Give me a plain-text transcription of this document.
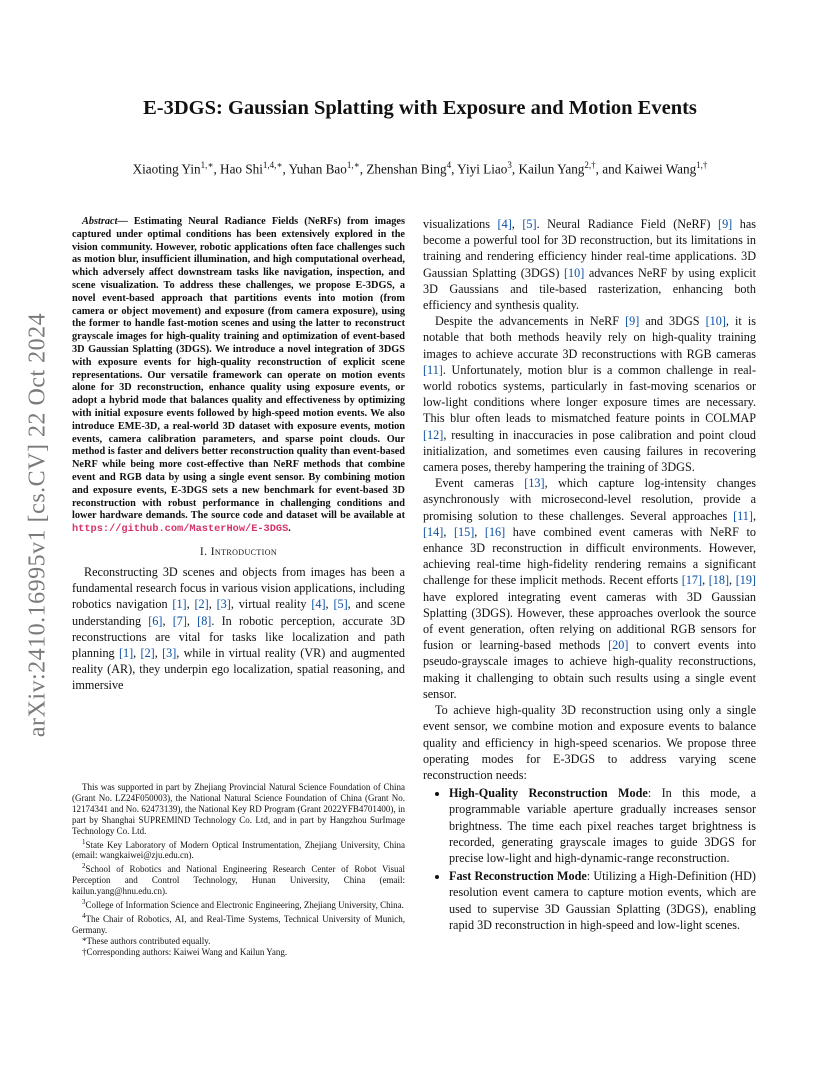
arXiv:2410.16995v1 [cs.CV] 22 Oct 2024
E-3DGS: Gaussian Splatting with Exposure and Motion Events
Xiaoting Yin$^{1,∗}$, Hao Shi$^{1,4,∗}$, Yuhan Bao$^{1,∗}$, Zhenshan Bing$^4$, Yiyi Liao$^3$, Kailun Yang$^{2,\dagger}$, and Kaiwei Wang$^{1,\dagger}$

Abstract— Estimating Neural Radiance Fields (NeRFs) from images captured under optimal conditions has been extensively explored in the vision community. However, robotic applications often face challenges such as motion blur, insufficient illumination, and high computational overhead, which adversely affect downstream tasks like navigation, inspection, and scene visualization. To address these challenges, we propose E-3DGS, a novel event-based approach that partitions events into motion (from camera or object movement) and exposure (from camera exposure), using the former to handle fast-motion scenes and using the latter to reconstruct grayscale images for high-quality training and optimization of event-based 3D Gaussian Splatting (3DGS). We introduce a novel integration of 3DGS with exposure events for high-quality reconstruction of explicit scene representations. Our versatile framework can operate on motion events alone for 3D reconstruction, enhance quality using exposure events, or adopt a hybrid mode that balances quality and effectiveness by optimizing with initial exposure events followed by high-speed motion events. We also introduce EME-3D, a real-world 3D dataset with exposure events, motion events, camera calibration parameters, and sparse point clouds. Our method is faster and delivers better reconstruction quality than event-based NeRF while being more cost-effective than NeRF methods that combine event and RGB data by using a single event sensor. By combining motion and exposure events, E-3DGS sets a new benchmark for event-based 3D reconstruction with robust performance in challenging conditions and lower hardware demands. The source code and dataset will be available at https://github.com/MasterHow/E-3DGS.

I. Introduction

Reconstructing 3D scenes and objects from images has been a fundamental research focus in various vision applications, including robotics navigation [1], [2], [3], virtual reality [4], [5], and scene understanding [6], [7], [8]. In robotic perception, accurate 3D reconstructions are vital for tasks like localization and path planning [1], [2], [3], while in virtual reality (VR) and augmented reality (AR), they underpin ego localization, spatial reasoning, and immersive

This was supported in part by Zhejiang Provincial Natural Science Foundation of China (Grant No. LZ24F050003), the National Natural Science Foundation of China (Grant No. 12174341 and No. 62473139), the National Key RD Program (Grant 2022YFB4701400), in part by Shanghai SUPREMIND Technology Co. Ltd, and in part by Hangzhou SurImage Technology Co. Ltd.

$^1$State Key Laboratory of Modern Optical Instrumentation, Zhejiang University, China (email: wangkaiwei@zju.edu.cn).

$^2$School of Robotics and National Engineering Research Center of Robot Visual Perception and Control Technology, Hunan University, China (email: kailun.yang@hnu.edu.cn).

$^3$College of Information Science and Electronic Engineering, Zhejiang University, China.

$^4$The Chair of Robotics, AI, and Real-Time Systems, Technical University of Munich, Germany.

*These authors contributed equally.

†Corresponding authors: Kaiwei Wang and Kailun Yang.

visualizations [4], [5]. Neural Radiance Field (NeRF) [9] has become a powerful tool for 3D reconstruction, but its limitations in training and rendering efficiency hinder real-time applications. 3D Gaussian Splatting (3DGS) [10] advances NeRF by using explicit 3D Gaussians and tile-based rasterization, enhancing both efficiency and synthesis quality.

Despite the advancements in NeRF [9] and 3DGS [10], it is notable that both methods heavily rely on high-quality training images to achieve accurate 3D reconstructions with RGB cameras [11]. Unfortunately, motion blur is a common challenge in real-world robotics systems, particularly in fast-moving scenarios or low-light conditions where longer exposure times are necessary. This blur often leads to mismatched feature points in COLMAP [12], resulting in inaccuracies in pose calibration and point cloud initialization, and sometimes even causing failures in recovering camera poses, thereby hampering the training of 3DGS.

Event cameras [13], which capture log-intensity changes asynchronously with microsecond-level resolution, provide a promising solution to these challenges. Several approaches [11], [14], [15], [16] have combined event cameras with NeRF to enhance 3D reconstruction in difficult environments. However, achieving real-time high-fidelity rendering remains a significant challenge for these implicit methods. Recent efforts [17], [18], [19] have explored integrating event cameras with 3D Gaussian Splatting (3DGS). However, these approaches overlook the source of event generation, often relying on additional RGB sensors for fusion or learning-based methods [20] to convert events into pseudo-grayscale images to achieve high-quality reconstructions, making it challenging to obtain such results using a single event sensor.

To achieve high-quality 3D reconstruction using only a single event sensor, we combine motion and exposure events to balance quality and efficiency in high-speed scenarios. We propose three operating modes for E-3DGS to address varying scene reconstruction needs:

• High-Quality Reconstruction Mode: In this mode, a programmable variable aperture gradually increases sensor brightness. The time each pixel reaches target brightness is recorded, generating grayscale images to guide 3DGS for precise low-light and high-dynamic-range reconstruction.
• Fast Reconstruction Mode: Utilizing a High-Definition (HD) resolution event camera to capture motion events, which are used to supervise 3D Gaussian Splatting (3DGS), enabling rapid 3D reconstruction in high-speed and low-light scenes.
